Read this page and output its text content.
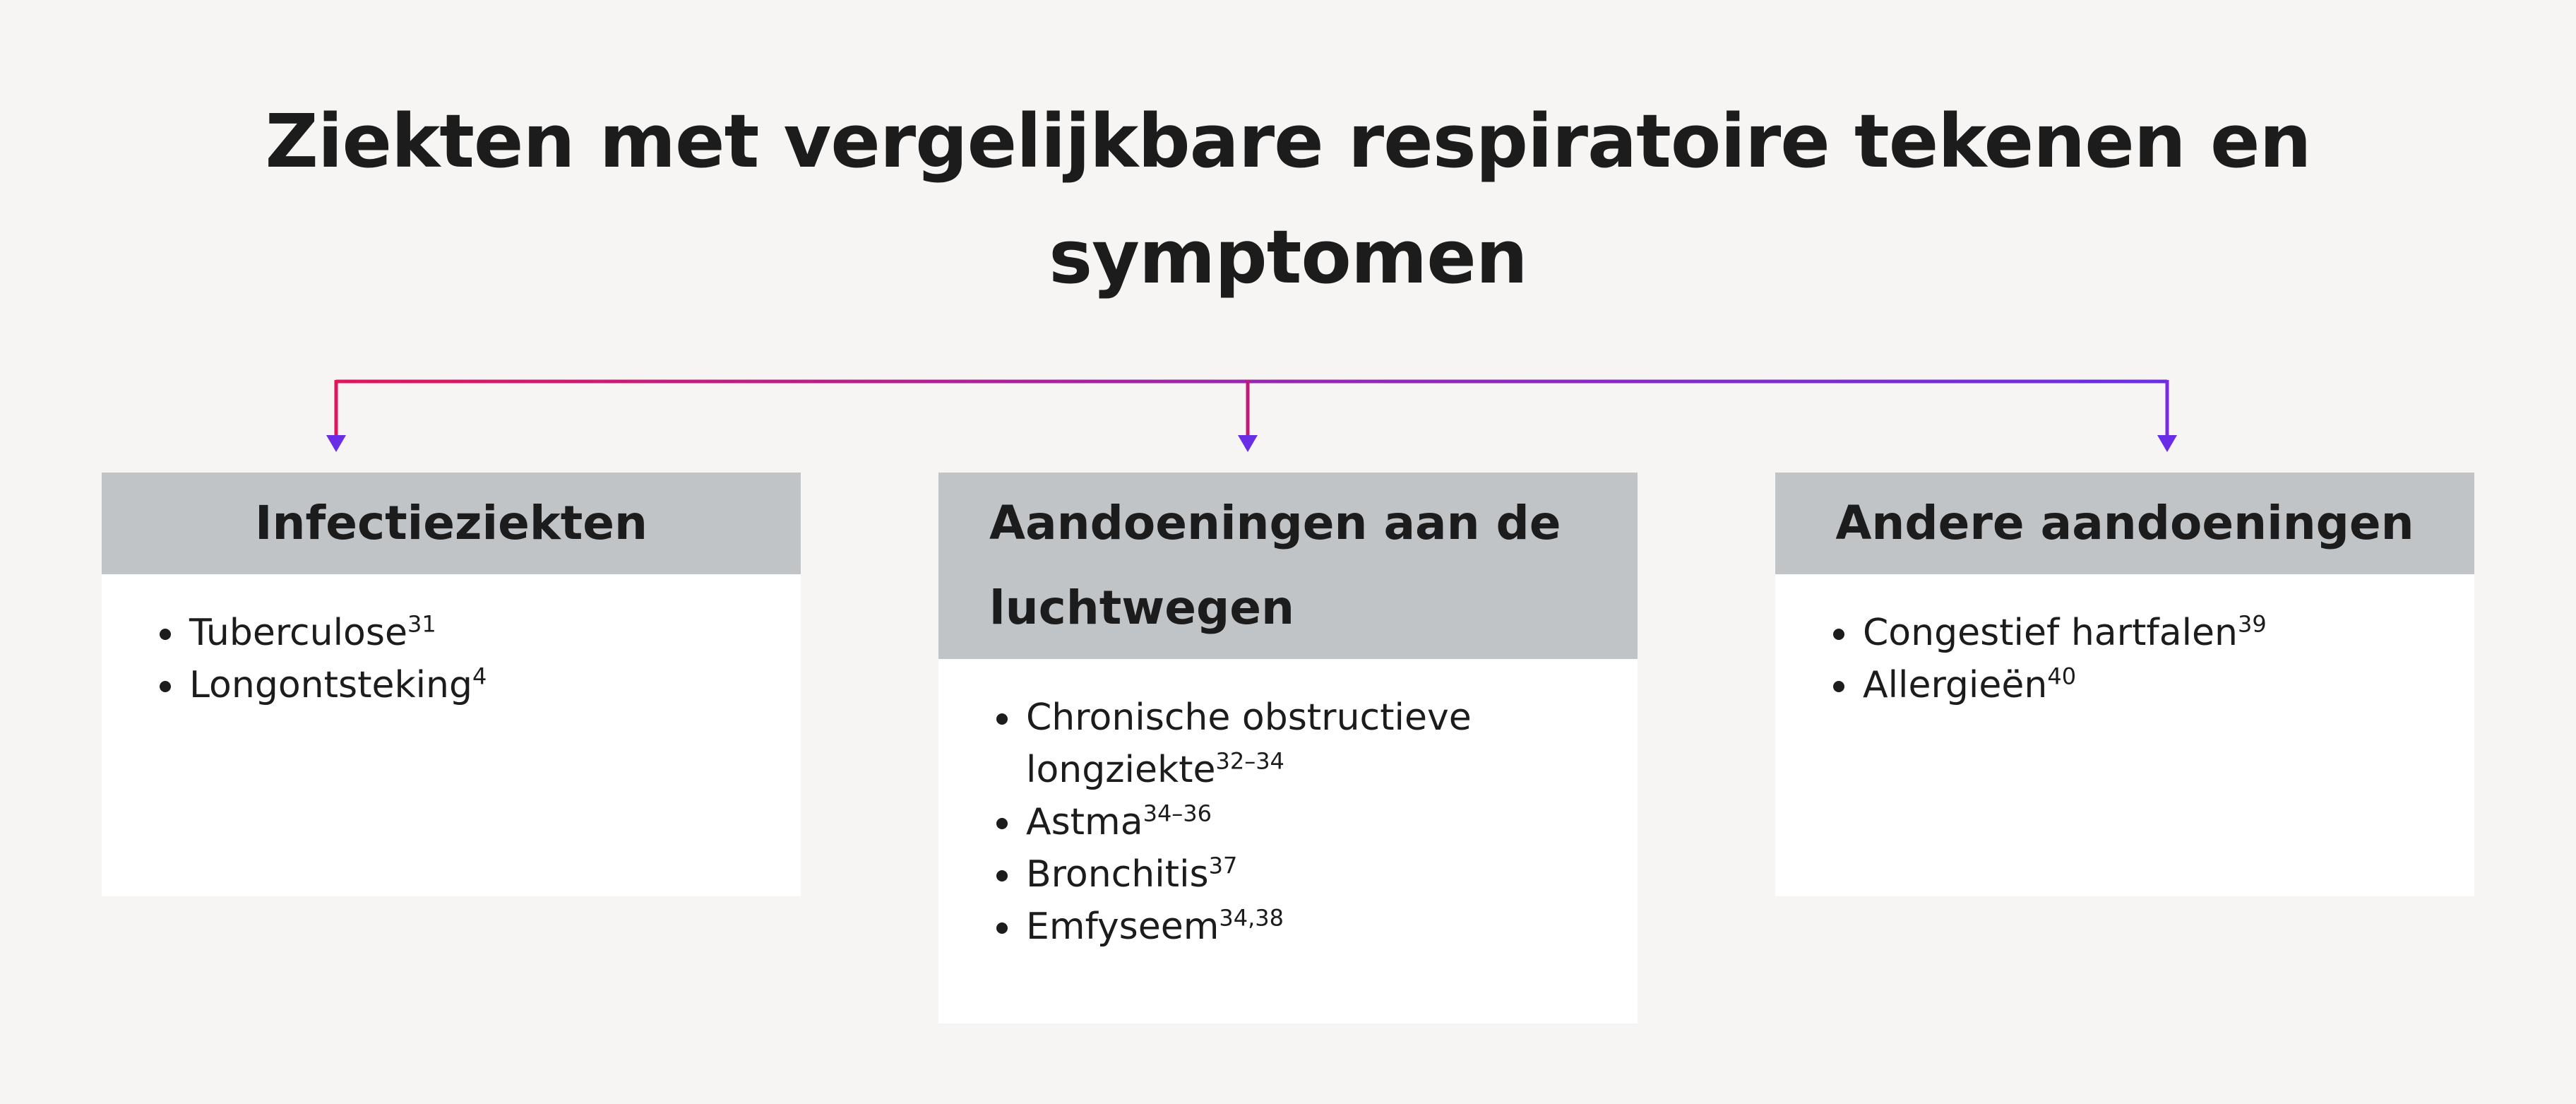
Ziekten met vergelijkbare respiratoire tekenen en
symptomen
Infectieziekten
• Tuberculose$^{31}$
• Longontsteking$^4$
Aandoeningen aan de luchtwegen
• Chronische obstructieve longziekte$^{32-34}$
• Astma$^{34-36}$
• Bronchitis$^{37}$
• Emfyseem$^{34,38}$
Andere aandoeningen
• Congestief hartfalen$^{39}$
• Allergieën$^{40}$
